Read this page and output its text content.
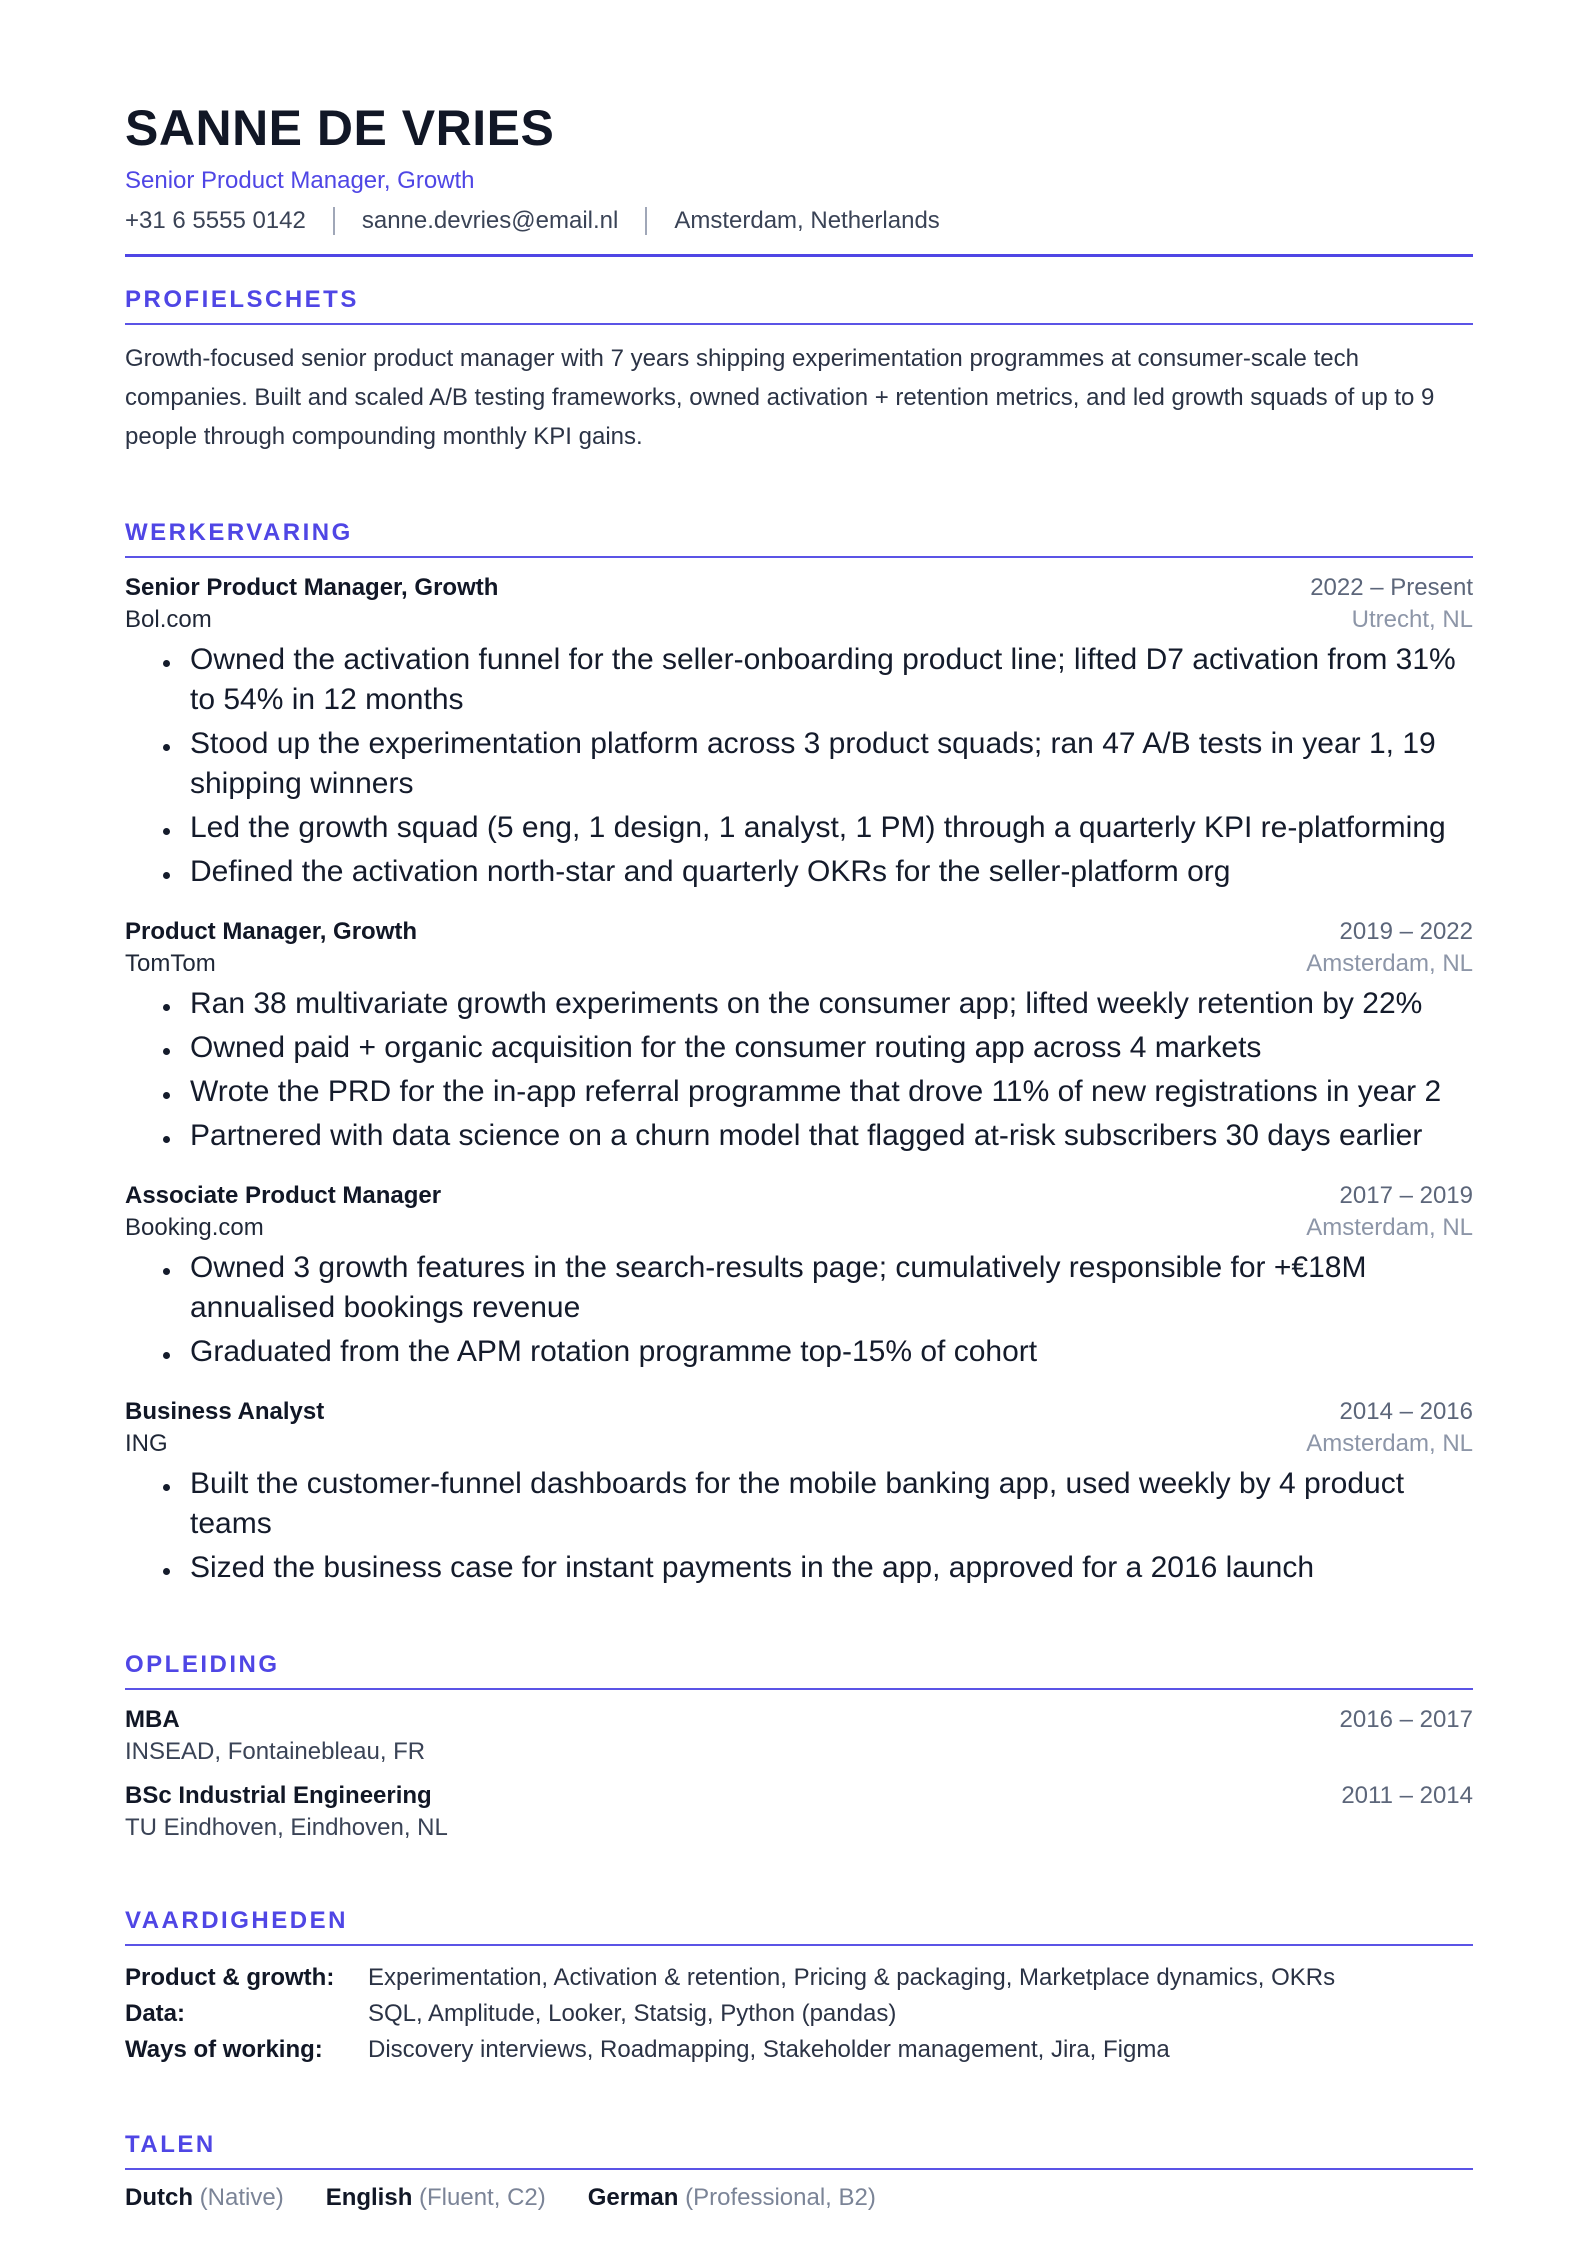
SANNE DE VRIES
Senior Product Manager, Growth
+31 6 5555 0142 sanne.devries@email.nl Amsterdam, Netherlands
PROFIELSCHETS

Growth-focused senior product manager with 7 years shipping experimentation programmes at consumer-scale tech companies. Built and scaled A/B testing frameworks, owned activation + retention metrics, and led growth squads of up to 9 people through compounding monthly KPI gains.

WERKERVARING
Senior Product Manager, Growth	2022 – Present
Bol.com	Utrecht, NL
Owned the activation funnel for the seller-onboarding product line; lifted D7 activation from 31% to 54% in 12 months
Stood up the experimentation platform across 3 product squads; ran 47 A/B tests in year 1, 19 shipping winners
Led the growth squad (5 eng, 1 design, 1 analyst, 1 PM) through a quarterly KPI re-platforming
Defined the activation north-star and quarterly OKRs for the seller-platform org
Product Manager, Growth	2019 – 2022
TomTom	Amsterdam, NL
Ran 38 multivariate growth experiments on the consumer app; lifted weekly retention by 22%
Owned paid + organic acquisition for the consumer routing app across 4 markets
Wrote the PRD for the in-app referral programme that drove 11% of new registrations in year 2
Partnered with data science on a churn model that flagged at-risk subscribers 30 days earlier
Associate Product Manager	2017 – 2019
Booking.com	Amsterdam, NL
Owned 3 growth features in the search-results page; cumulatively responsible for +€18M annualised bookings revenue
Graduated from the APM rotation programme top-15% of cohort
Business Analyst	2014 – 2016
ING	Amsterdam, NL
Built the customer-funnel dashboards for the mobile banking app, used weekly by 4 product teams
Sized the business case for instant payments in the app, approved for a 2016 launch
OPLEIDING
MBA	2016 – 2017
INSEAD, Fontainebleau, FR
BSc Industrial Engineering	2011 – 2014
TU Eindhoven, Eindhoven, NL
VAARDIGHEDEN
Product & growth:	Experimentation, Activation & retention, Pricing & packaging, Marketplace dynamics, OKRs
Data:	SQL, Amplitude, Looker, Statsig, Python (pandas)
Ways of working:	Discovery interviews, Roadmapping, Stakeholder management, Jira, Figma
TALEN
Dutch (Native) English (Fluent, C2) German (Professional, B2)
